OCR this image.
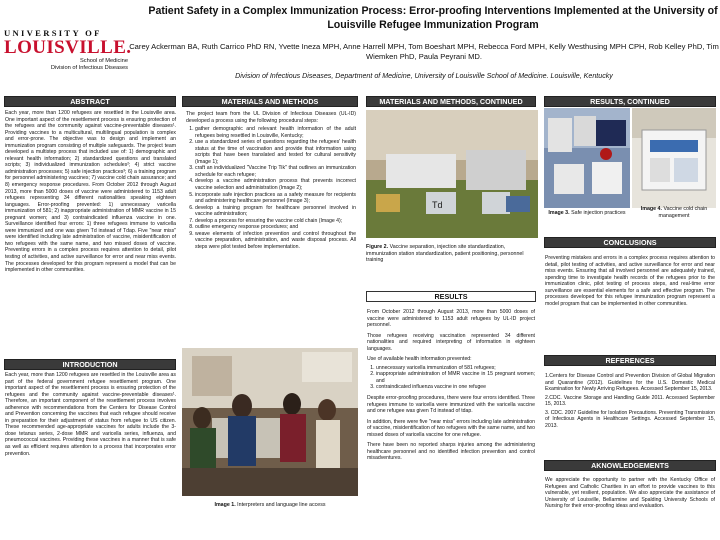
UNIVERSITY OF
LOUISVILLE.
School of Medicine
Division of Infectious Diseases
Patient Safety in a Complex Immunization Process: Error-proofing Interventions Implemented at the University of Louisville Refugee Immunization Program
Carey Ackerman BA, Ruth Carrico PhD RN, Yvette Ineza MPH, Anne Harrell MPH, Tom Boeshart MPH, Rebecca Ford MPH, Kelly Westhusing MPH CPH, Rob Kelley PhD, Tim Wiemken PhD, Paula Peyrani MD.
Division of Infectious Diseases, Department of Medicine, University of Louisville School of Medicine. Louisville, Kentucky
ABSTRACT
Each year, more than 1200 refugees are resettled in the Louisville area. One important aspect of the resettlement process is ensuring protection of the refugees and the community against vaccine-preventable diseases¹. Providing vaccines to a multicultural, multilingual population is complex and error-prone. The objective was to design and implement an immunization program consisting of multiple safeguards. The project team developed a multistep process that included use of: 1) demographic and relevant health information; 2) standardized questions and translated scripts; 3) individualized immunization schedules²; 4) strict vaccine administration processes; 5) safe injection practices³; 6) a training program for personnel administering vaccines; 7) vaccine cold chain assurance; and 8) emergency response procedures. From October 2012 through August 2013, more than 5000 doses of vaccine were administered to 1153 adult refugees representing 34 different nationalities speaking eighteen languages. Error-proofing prevented: 1) unnecessary varicella immunization of 581; 2) inappropriate administration of MMR vaccine in 15 pregnant women; and 3) contraindicated influenza vaccine in one. Surveillance identified four errors: 1) three refugees immune to varicella were immunized and one was given Td instead of Tdap. Five "near miss" were identified including late administration of vaccine, misidentification of two refugees with the same name, and two missed doses of vaccine. Preventing errors in a complex process requires attention to detail, pilot testing of activities, and active surveillance for error and near miss events. The processes developed for this program represent a model that can be implemented in other communities.
INTRODUCTION
Each year, more than 1200 refugees are resettled in the Louisville area as part of the federal government refugee resettlement program. One important aspect of the resettlement process is ensuring protection of the refugees and the community against vaccine-preventable diseases¹. Therefore, an important component of the resettlement process involves adherence with recommendations from the Centers for Disease Control and Prevention concerning the vaccines that each refugee should receive in preparation for their adjustment of status from refugee to US citizen. These recommended age-appropriate vaccines for adults include the 3-dose tetanus series, 2-dose MMR and varicella series, influenza, and pneumococcal vaccines. Providing these vaccines in a manner that is safe as well as efficient requires attention to a process that incorporates error prevention.
MATERIALS AND METHODS

The project team from the UL Division of Infectious Diseases (UL-ID) developed a process using the following procedural steps:

1. gather demographic and relevant health information of the adult refugees being resettled in Louisville, Kentucky;
2. use a standardized series of questions regarding the refugees' health status at the time of vaccination and provide that information using scripts that have been translated and tested for cultural sensitivity (Image 1);
3. craft an individualized "Vaccine Trip Tik" that outlines an immunization schedule for each refugee;
4. develop a vaccine administration process that prevents incorrect vaccine selection and administration (Image 2);
5. incorporate safe injection practices as a safety measure for recipients and administering healthcare personnel (Image 3);
6. develop a training program for healthcare personnel involved in vaccine administration;
7. develop a process for ensuring the vaccine cold chain (Image 4);
8. outline emergency response procedures; and
9. weave elements of infection prevention and control throughout the vaccine preparation, administration, and waste disposal process. All steps were pilot tested before implementation.
Image 1. Interpreters and language line access
MATERIALS AND METHODS, CONTINUED
Td
Figure 2. Vaccine separation, injection site standardization, immunization station standardization, patient positioning, personnel training
RESULTS

From October 2012 through August 2013, more than 5000 doses of vaccine were administered to 1153 adult refugees by UL-ID project personnel.

Those refugees receiving vaccination represented 34 different nationalities and required interpreting of information in eighteen languages.

Use of available health information prevented:

1. unnecessary varicella immunization of 581 refugees;
2. inappropriate administration of MMR vaccine in 15 pregnant women; and
3. contraindicated influenza vaccine in one refugee

Despite error-proofing procedures, there were four errors identified. Three refugees immune to varicella were immunized with the varicella vaccine and one refugee was given Td instead of tdap.

In addition, there were five "near miss" errors including late administration of vaccine, misidentification of two refugees with the same name, and two missed doses of varicella vaccine for one refugee.

There have been no reported sharps injuries among the administering healthcare personnel and no identified infection prevention and control misadventures.

RESULTS, CONTINUED
Image 3. Safe injection practices
Image 4. Vaccine cold chain management
CONCLUSIONS
Preventing mistakes and errors in a complex process requires attention to detail, pilot testing of activities, and active surveillance for error and near miss events. Ensuring that all involved personnel are adequately trained, spending time to investigate health records of the refugees prior to the immunization clinic, pilot testing of process steps, and real-time error surveillance are essential elements for a safe and effective program. The processes developed for this refugee immunization program represent a model program that can be implemented in other communities.
REFERENCES

1.Centers for Disease Control and Prevention Division of Global Migration and Quarantine (2012). Guidelines for the U.S. Domestic Medical Examination for Newly Arriving Refugees. Accessed September 15, 2013.

2.CDC. Vaccine Storage and Handling Guide 2011. Accessed September 15, 2013.

3. CDC. 2007 Guideline for Isolation Precautions. Preventing Transmission of Infectious Agents in Healthcare Settings. Accessed September 15, 2013.

AKNOWLEDGEMENTS
We appreciate the opportunity to partner with the Kentucky Office of Refugees and Catholic Charities in an effort to provide vaccines to this vulnerable, yet resilient, population. We also appreciate the assistance of University of Louisville, Bellarmine and Spalding University Schools of Nursing for their error-proofing ideas and evaluation.
